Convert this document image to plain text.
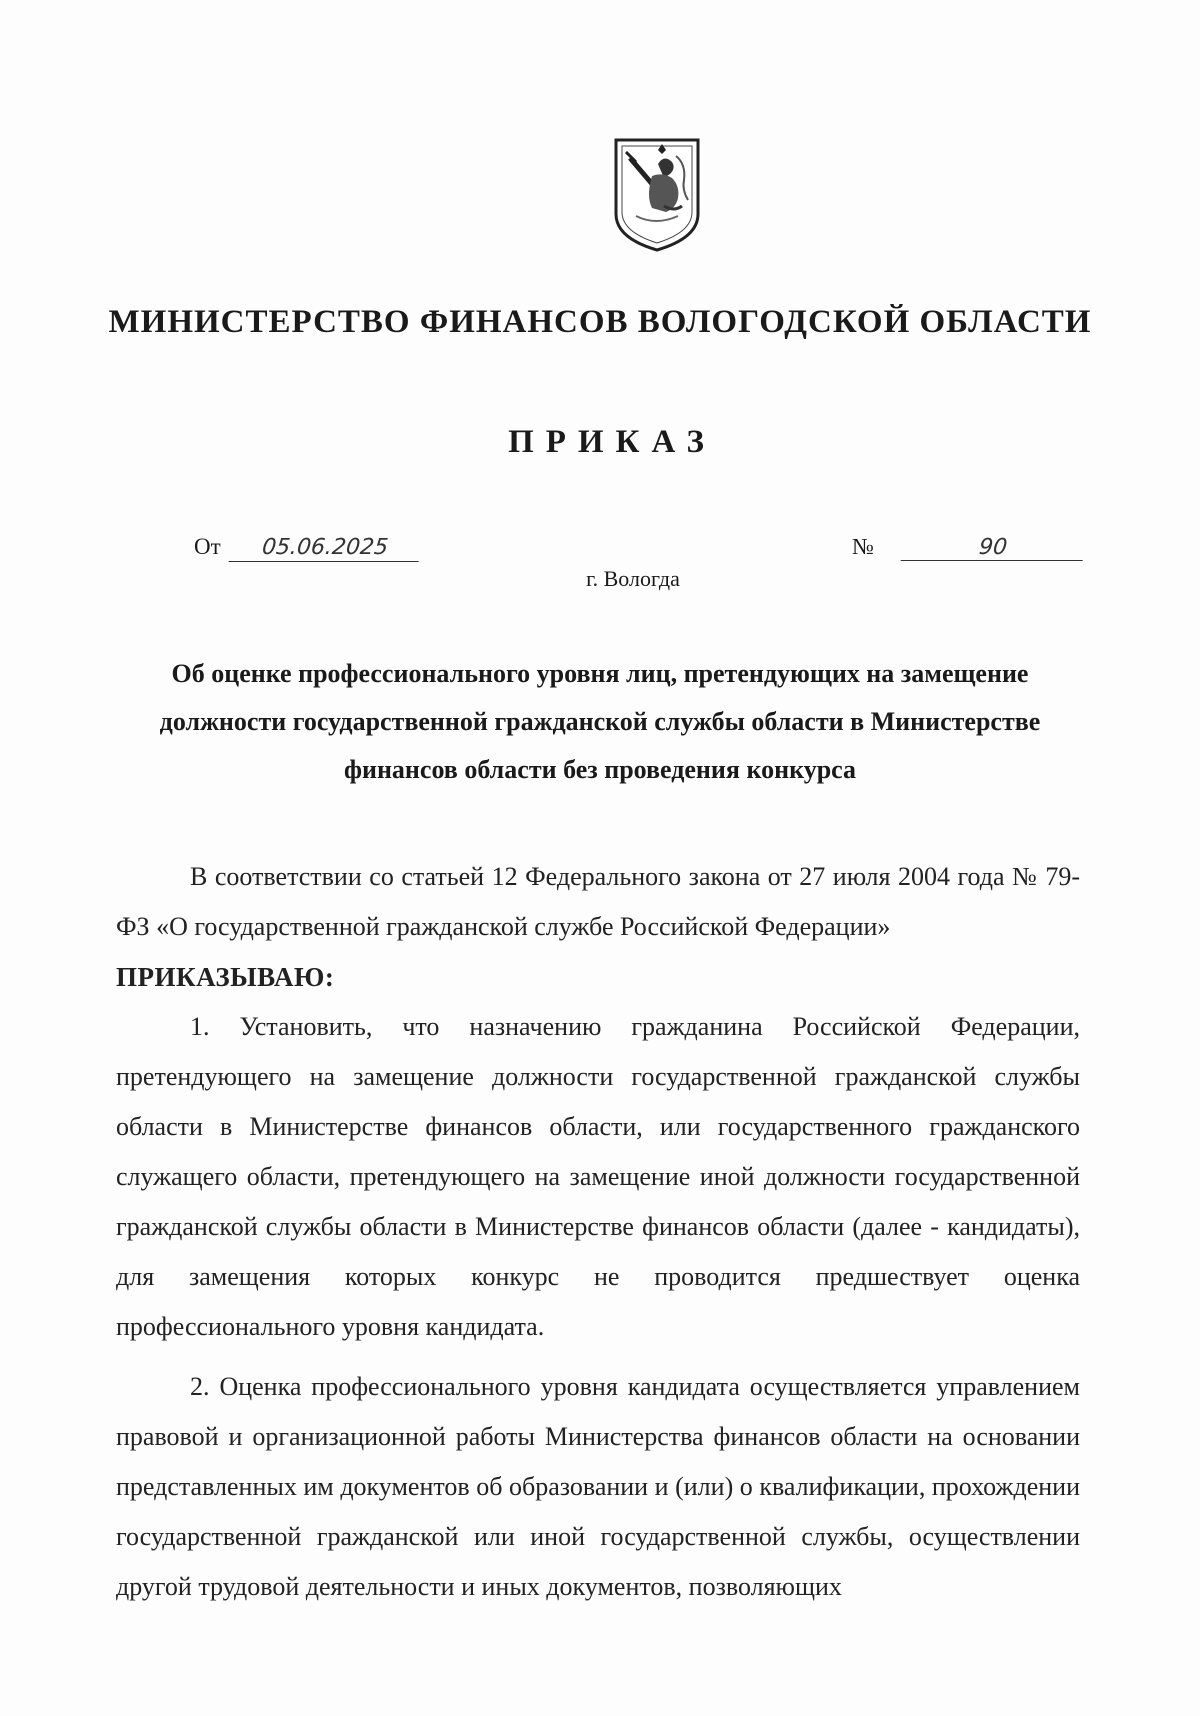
МИНИСТЕРСТВО ФИНАНСОВ ВОЛОГОДСКОЙ ОБЛАСТИ
ПРИКАЗ
От 05.06.2025	№	90
г. Вологда
Об оценке профессионального уровня лиц, претендующих на замещение должности государственной гражданской службы области в Министерстве финансов области без проведения конкурса

В соответствии со статьей 12 Федерального закона от 27 июля 2004 года № 79-ФЗ «О государственной гражданской службе Российской Федерации»

ПРИКАЗЫВАЮ:

1. Установить, что назначению гражданина Российской Федерации, претендующего на замещение должности государственной гражданской службы области в Министерстве финансов области, или государственного гражданского служащего области, претендующего на замещение иной должности государственной гражданской службы области в Министерстве финансов области (далее - кандидаты), для замещения которых конкурс не проводится предшествует оценка профессионального уровня кандидата.

2. Оценка профессионального уровня кандидата осуществляется управлением правовой и организационной работы Министерства финансов области на основании представленных им документов об образовании и (или) о квалификации, прохождении государственной гражданской или иной государственной службы, осуществлении другой трудовой деятельности и иных документов, позволяющих
